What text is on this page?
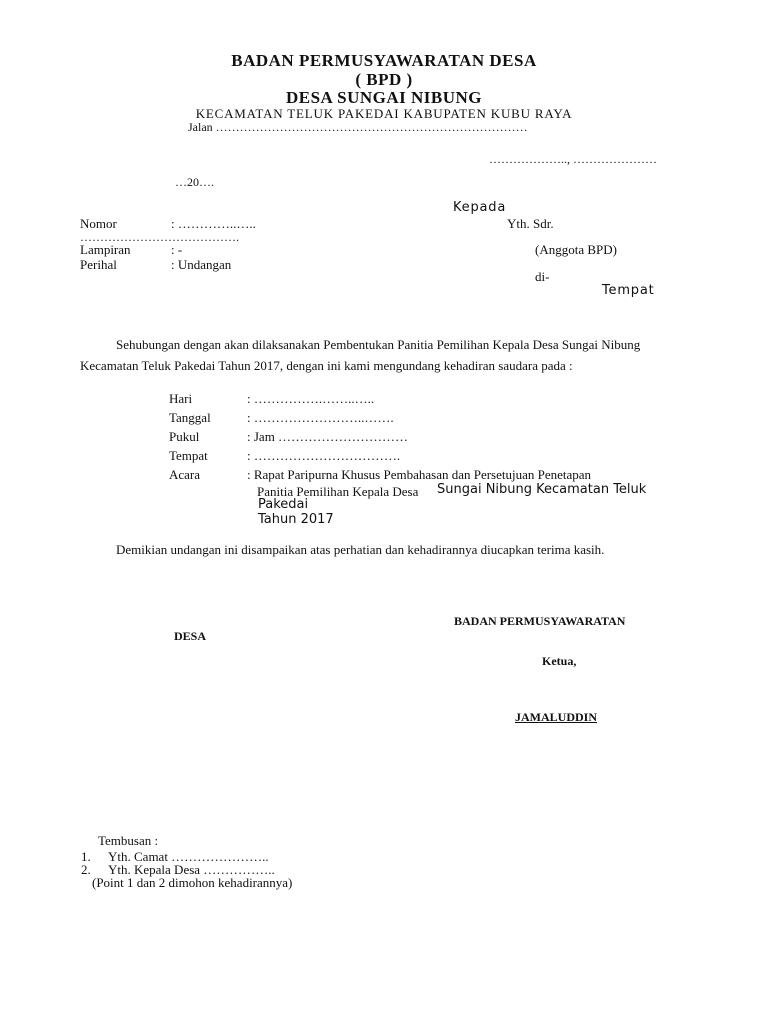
BADAN PERMUSYAWARATAN DESA
( BPD )
DESA SUNGAI NIBUNG
KECAMATAN TELUK PAKEDAI KABUPATEN KUBU RAYA
Jalan ……………………………………………………………………
……………….., …………………
…20….
Kepada
Yth. Sdr.
(Anggota BPD)
di-
Tempat
Nomor	: …………..…..
………………………………….
Lampiran	: -
Perihal	: Undangan
Sehubungan dengan akan dilaksanakan Pembentukan Panitia Pemilihan Kepala Desa Sungai Nibung
Kecamatan Teluk Pakedai Tahun 2017, dengan ini kami mengundang kehadiran saudara pada :
Hari	: …………….……..…..
Tanggal	: ……………………..…….
Pukul	: Jam …………………………
Tempat	: …………………………….
Acara	: Rapat Paripurna Khusus Pembahasan dan Persetujuan Penetapan
Panitia Pemilihan Kepala Desa Sungai Nibung Kecamatan Teluk
Pakedai
Tahun 2017
Demikian undangan ini disampaikan atas perhatian dan kehadirannya diucapkan terima kasih.
BADAN PERMUSYAWARATAN
DESA
Ketua,
JAMALUDDIN
Tembusan :
1. Yth. Camat …………………..
2. Yth. Kepala Desa ……………..
(Point 1 dan 2 dimohon kehadirannya)
